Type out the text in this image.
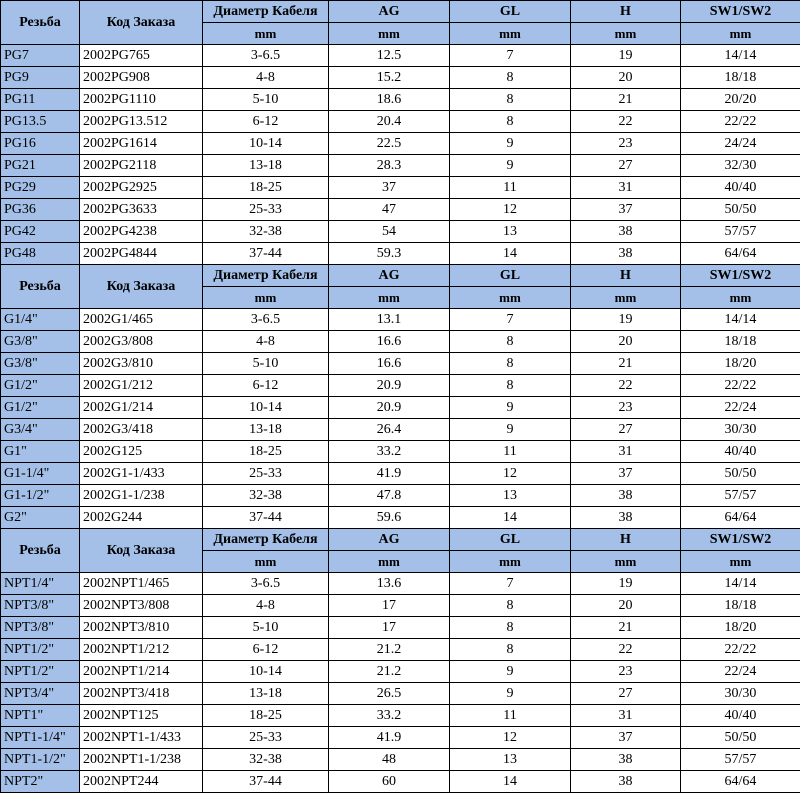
Резьба	Код Заказа	Диаметр Кабеля	AG	GL	H	SW1/SW2
		mm	mm	mm	mm	mm
PG7	2002PG765	3-6.5	12.5	7	19	14/14
PG9	2002PG908	4-8	15.2	8	20	18/18
PG11	2002PG1110	5-10	18.6	8	21	20/20
PG13.5	2002PG13.512	6-12	20.4	8	22	22/22
PG16	2002PG1614	10-14	22.5	9	23	24/24
PG21	2002PG2118	13-18	28.3	9	27	32/30
PG29	2002PG2925	18-25	37	11	31	40/40
PG36	2002PG3633	25-33	47	12	37	50/50
PG42	2002PG4238	32-38	54	13	38	57/57
PG48	2002PG4844	37-44	59.3	14	38	64/64
Резьба	Код Заказа	Диаметр Кабеля	AG	GL	H	SW1/SW2
		mm	mm	mm	mm	mm
G1/4"	2002G1/465	3-6.5	13.1	7	19	14/14
G3/8"	2002G3/808	4-8	16.6	8	20	18/18
G3/8"	2002G3/810	5-10	16.6	8	21	18/20
G1/2"	2002G1/212	6-12	20.9	8	22	22/22
G1/2"	2002G1/214	10-14	20.9	9	23	22/24
G3/4"	2002G3/418	13-18	26.4	9	27	30/30
G1"	2002G125	18-25	33.2	11	31	40/40
G1-1/4"	2002G1-1/433	25-33	41.9	12	37	50/50
G1-1/2"	2002G1-1/238	32-38	47.8	13	38	57/57
G2"	2002G244	37-44	59.6	14	38	64/64
Резьба	Код Заказа	Диаметр Кабеля	AG	GL	H	SW1/SW2
		mm	mm	mm	mm	mm
NPT1/4"	2002NPT1/465	3-6.5	13.6	7	19	14/14
NPT3/8"	2002NPT3/808	4-8	17	8	20	18/18
NPT3/8"	2002NPT3/810	5-10	17	8	21	18/20
NPT1/2"	2002NPT1/212	6-12	21.2	8	22	22/22
NPT1/2"	2002NPT1/214	10-14	21.2	9	23	22/24
NPT3/4"	2002NPT3/418	13-18	26.5	9	27	30/30
NPT1"	2002NPT125	18-25	33.2	11	31	40/40
NPT1-1/4"	2002NPT1-1/433	25-33	41.9	12	37	50/50
NPT1-1/2"	2002NPT1-1/238	32-38	48	13	38	57/57
NPT2"	2002NPT244	37-44	60	14	38	64/64
